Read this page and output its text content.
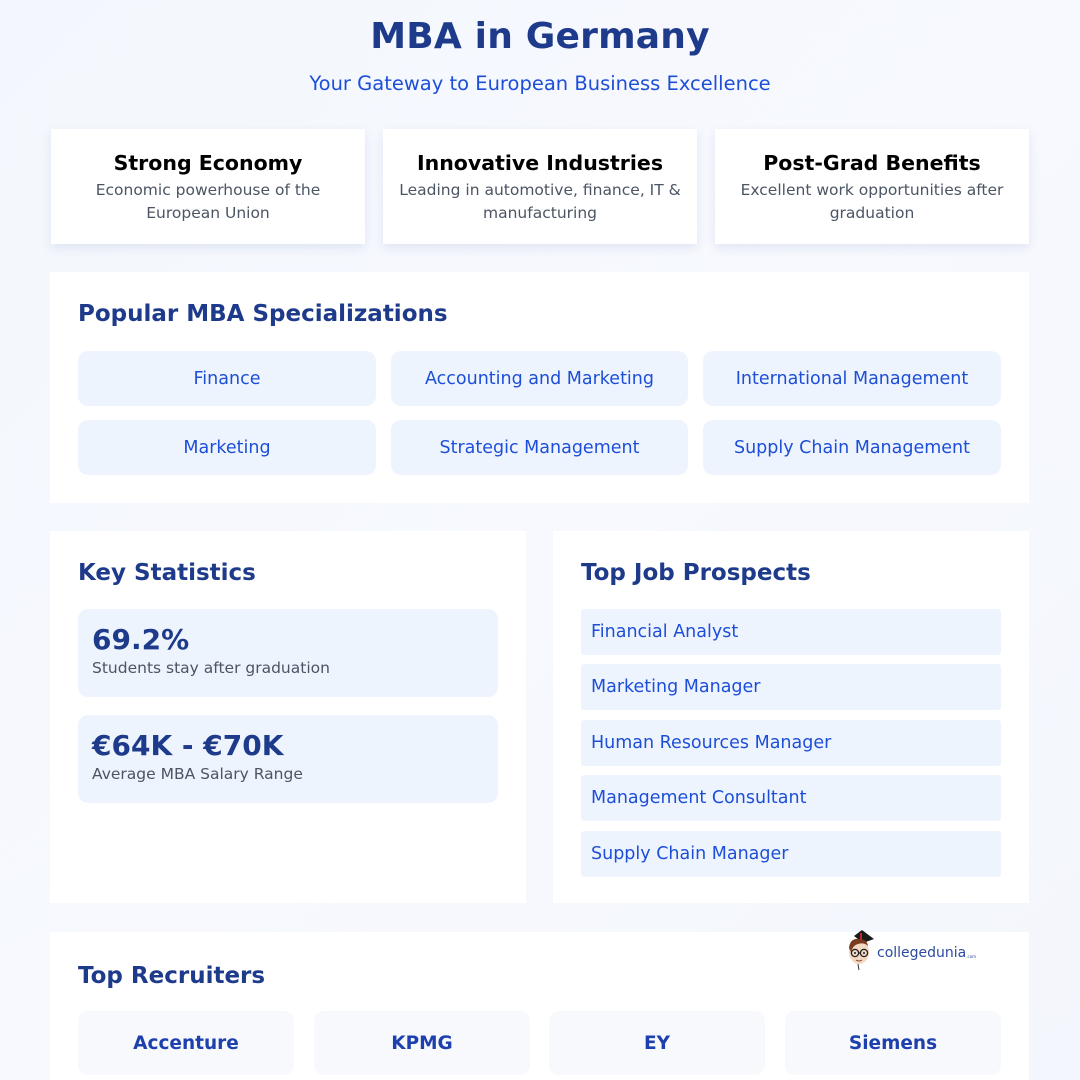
MBA in Germany
Your Gateway to European Business Excellence
Strong Economy
Economic powerhouse of the European Union
Innovative Industries
Leading in automotive, finance, IT & manufacturing
Post-Grad Benefits
Excellent work opportunities after graduation
Popular MBA Specializations
Finance	Accounting and Marketing	International Management
Marketing	Strategic Management	Supply Chain Management
Key Statistics
69.2%
Students stay after graduation
€64K - €70K
Average MBA Salary Range
Top Job Prospects
Financial Analyst
Marketing Manager
Human Resources Manager
Management Consultant
Supply Chain Manager
Top Recruiters
Accenture	KPMG	EY	Siemens
collegedunia .com
